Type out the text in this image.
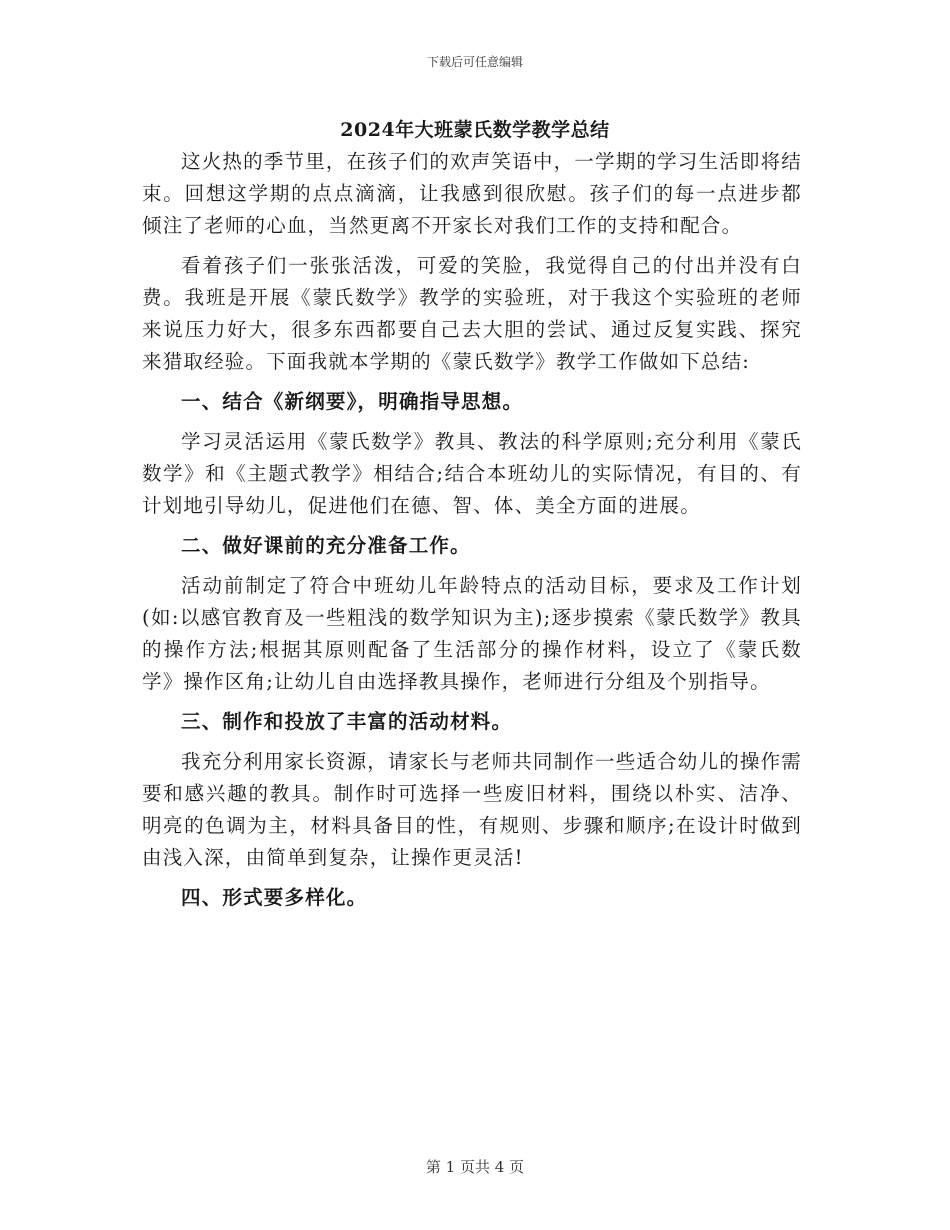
下载后可任意编辑
2024年大班蒙氏数学教学总结

这火热的季节里，在孩子们的欢声笑语中，一学期的学习生活即将结束。回想这学期的点点滴滴，让我感到很欣慰。孩子们的每一点进步都倾注了老师的心血，当然更离不开家长对我们工作的支持和配合。

看着孩子们一张张活泼，可爱的笑脸，我觉得自己的付出并没有白费。我班是开展《蒙氏数学》教学的实验班，对于我这个实验班的老师来说压力好大，很多东西都要自己去大胆的尝试、通过反复实践、探究来猎取经验。下面我就本学期的《蒙氏数学》教学工作做如下总结:

一、结合《新纲要》，明确指导思想。

学习灵活运用《蒙氏数学》教具、教法的科学原则;充分利用《蒙氏数学》和《主题式教学》相结合;结合本班幼儿的实际情况，有目的、有计划地引导幼儿，促进他们在德、智、体、美全方面的进展。

二、做好课前的充分准备工作。

活动前制定了符合中班幼儿年龄特点的活动目标，要求及工作计划(如:以感官教育及一些粗浅的数学知识为主);逐步摸索《蒙氏数学》教具的操作方法;根据其原则配备了生活部分的操作材料，设立了《蒙氏数学》操作区角;让幼儿自由选择教具操作，老师进行分组及个别指导。

三、制作和投放了丰富的活动材料。

我充分利用家长资源，请家长与老师共同制作一些适合幼儿的操作需要和感兴趣的教具。制作时可选择一些废旧材料，围绕以朴实、洁净、明亮的色调为主，材料具备目的性，有规则、步骤和顺序;在设计时做到由浅入深，由简单到复杂，让操作更灵活!

四、形式要多样化。

第 1 页共 4 页
